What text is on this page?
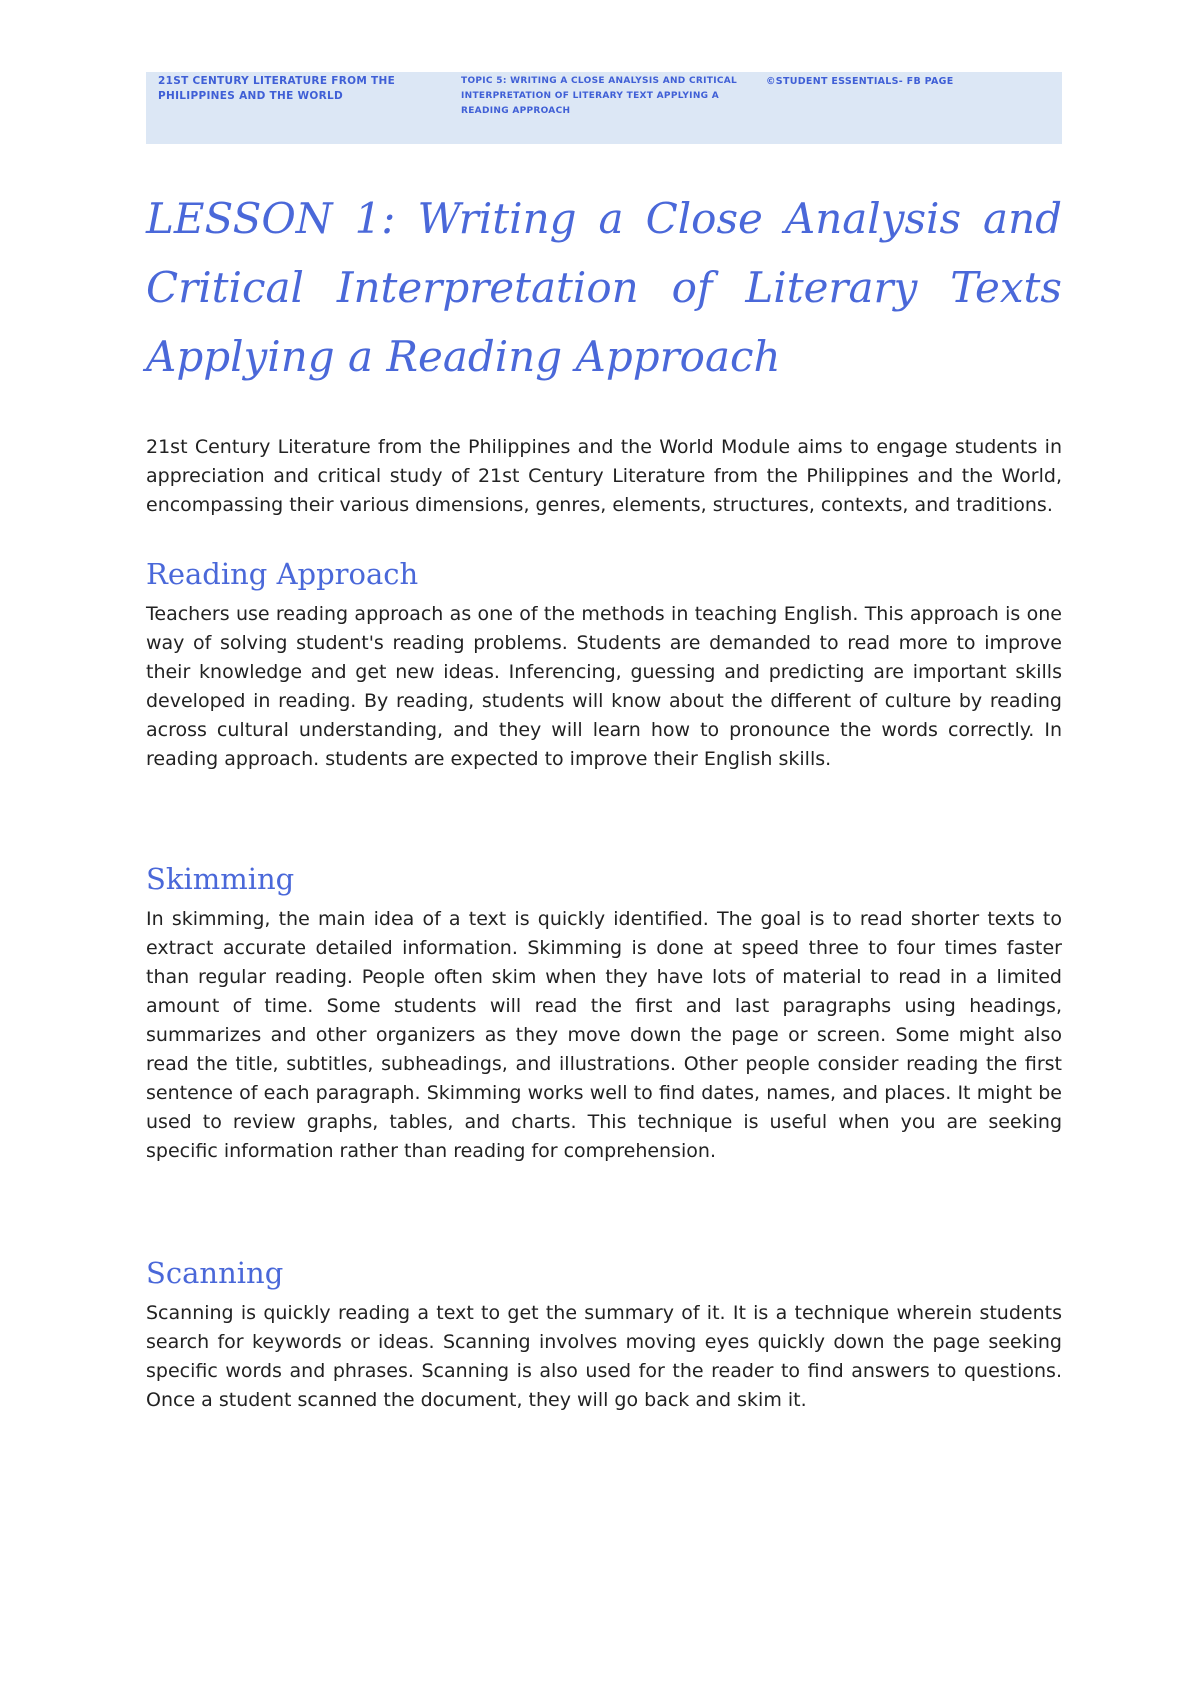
21ST CENTURY LITERATURE FROM THE PHILIPPINES AND THE WORLD
TOPIC 5: WRITING A CLOSE ANALYSIS AND CRITICAL INTERPRETATION OF LITERARY TEXT APPLYING A READING APPROACH
©STUDENT ESSENTIALS- FB PAGE
LESSON 1: Writing a Close Analysis and Critical Interpretation of Literary Texts Applying a Reading Approach

21st Century Literature from the Philippines and the World Module aims to engage students in appreciation and critical study of 21st Century Literature from the Philippines and the World, encompassing their various dimensions, genres, elements, structures, contexts, and traditions.

Reading Approach

Teachers use reading approach as one of the methods in teaching English. This approach is one way of solving student's reading problems. Students are demanded to read more to improve their knowledge and get new ideas. Inferencing, guessing and predicting are important skills developed in reading. By reading, students will know about the different of culture by reading across cultural understanding, and they will learn how to pronounce the words correctly. In reading approach. students are expected to improve their English skills.

Skimming

In skimming, the main idea of a text is quickly identified. The goal is to read shorter texts to extract accurate detailed information. Skimming is done at speed three to four times faster than regular reading. People often skim when they have lots of material to read in a limited amount of time. Some students will read the first and last paragraphs using headings, summarizes and other organizers as they move down the page or screen. Some might also read the title, subtitles, subheadings, and illustrations. Other people consider reading the first sentence of each paragraph. Skimming works well to find dates, names, and places. It might be used to review graphs, tables, and charts. This technique is useful when you are seeking specific information rather than reading for comprehension.

Scanning

Scanning is quickly reading a text to get the summary of it. It is a technique wherein students search for keywords or ideas. Scanning involves moving eyes quickly down the page seeking specific words and phrases. Scanning is also used for the reader to find answers to questions. Once a student scanned the document, they will go back and skim it.
